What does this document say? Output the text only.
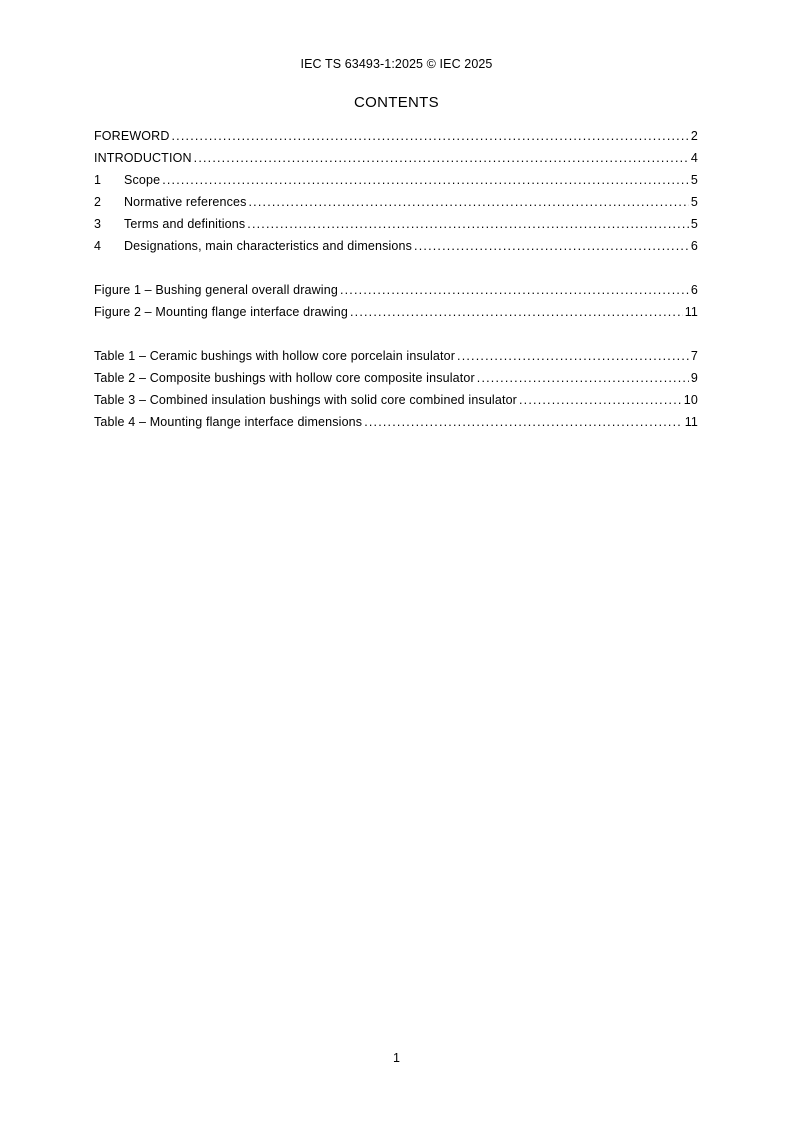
IEC TS 63493-1:2025 © IEC 2025
CONTENTS
FOREWORD .....	2
INTRODUCTION .....	4
1	Scope .....	5
2	Normative references .....	5
3	Terms and definitions .....	5
4	Designations, main characteristics and dimensions .....	6
Figure 1 – Bushing general overall drawing .....	6
Figure 2 – Mounting flange interface drawing .....	11
Table 1 – Ceramic bushings with hollow core porcelain insulator .....	7
Table 2 – Composite bushings with hollow core composite insulator .....	9
Table 3 – Combined insulation bushings with solid core combined insulator .....	10
Table 4 – Mounting flange interface dimensions .....	11
1
